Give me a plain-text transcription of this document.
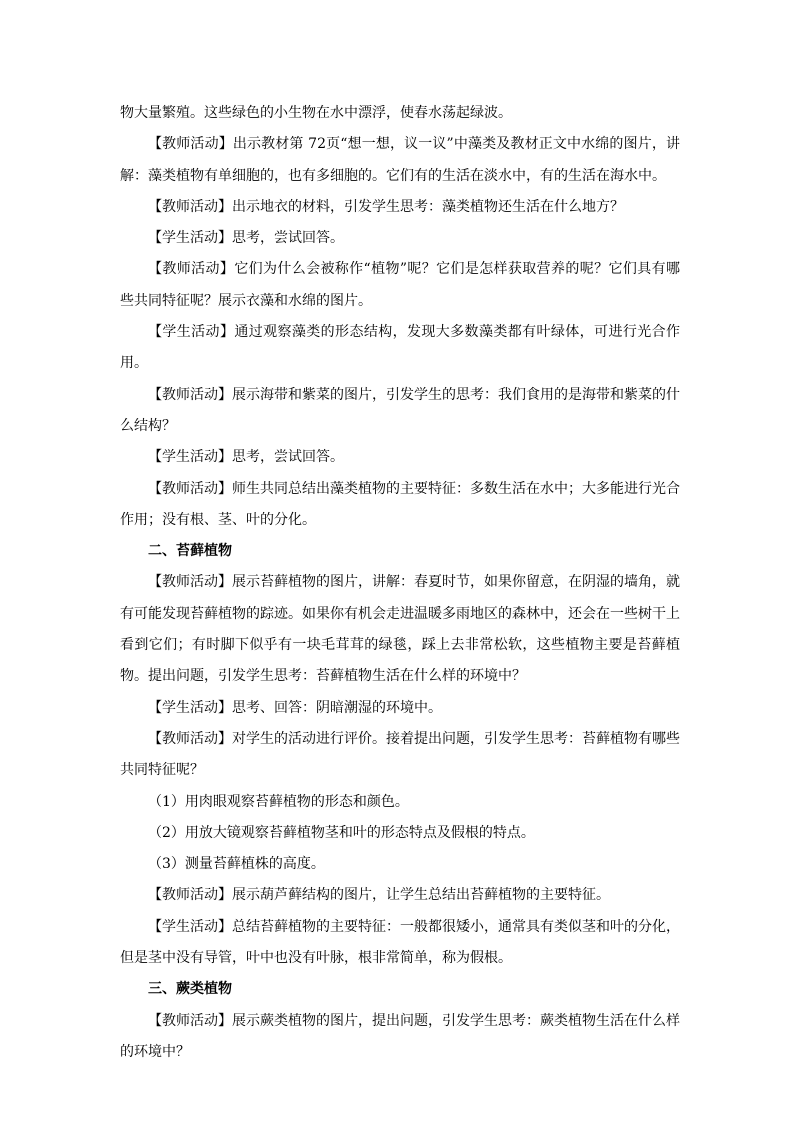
物大量繁殖。这些绿色的小生物在水中漂浮，使春水荡起绿波。

【教师活动】出示教材第 72页“想一想，议一议”中藻类及教材正文中水绵的图片，讲解：藻类植物有单细胞的，也有多细胞的。它们有的生活在淡水中，有的生活在海水中。

【教师活动】出示地衣的材料，引发学生思考：藻类植物还生活在什么地方？

【学生活动】思考，尝试回答。

【教师活动】它们为什么会被称作“植物”呢？它们是怎样获取营养的呢？它们具有哪些共同特征呢？展示衣藻和水绵的图片。

【学生活动】通过观察藻类的形态结构，发现大多数藻类都有叶绿体，可进行光合作用。

【教师活动】展示海带和紫菜的图片，引发学生的思考：我们食用的是海带和紫菜的什么结构？

【学生活动】思考，尝试回答。

【教师活动】师生共同总结出藻类植物的主要特征：多数生活在水中；大多能进行光合作用；没有根、茎、叶的分化。

二、苔藓植物

【教师活动】展示苔藓植物的图片，讲解：春夏时节，如果你留意，在阴湿的墙角，就有可能发现苔藓植物的踪迹。如果你有机会走进温暖多雨地区的森林中，还会在一些树干上看到它们；有时脚下似乎有一块毛茸茸的绿毯，踩上去非常松软，这些植物主要是苔藓植物。提出问题，引发学生思考：苔藓植物生活在什么样的环境中？

【学生活动】思考、回答：阴暗潮湿的环境中。

【教师活动】对学生的活动进行评价。接着提出问题，引发学生思考：苔藓植物有哪些共同特征呢？

（1）用肉眼观察苔藓植物的形态和颜色。

（2）用放大镜观察苔藓植物茎和叶的形态特点及假根的特点。

（3）测量苔藓植株的高度。

【教师活动】展示葫芦藓结构的图片，让学生总结出苔藓植物的主要特征。

【学生活动】总结苔藓植物的主要特征：一般都很矮小，通常具有类似茎和叶的分化，但是茎中没有导管，叶中也没有叶脉，根非常简单，称为假根。

三、蕨类植物

【教师活动】展示蕨类植物的图片，提出问题，引发学生思考：蕨类植物生活在什么样的环境中？
